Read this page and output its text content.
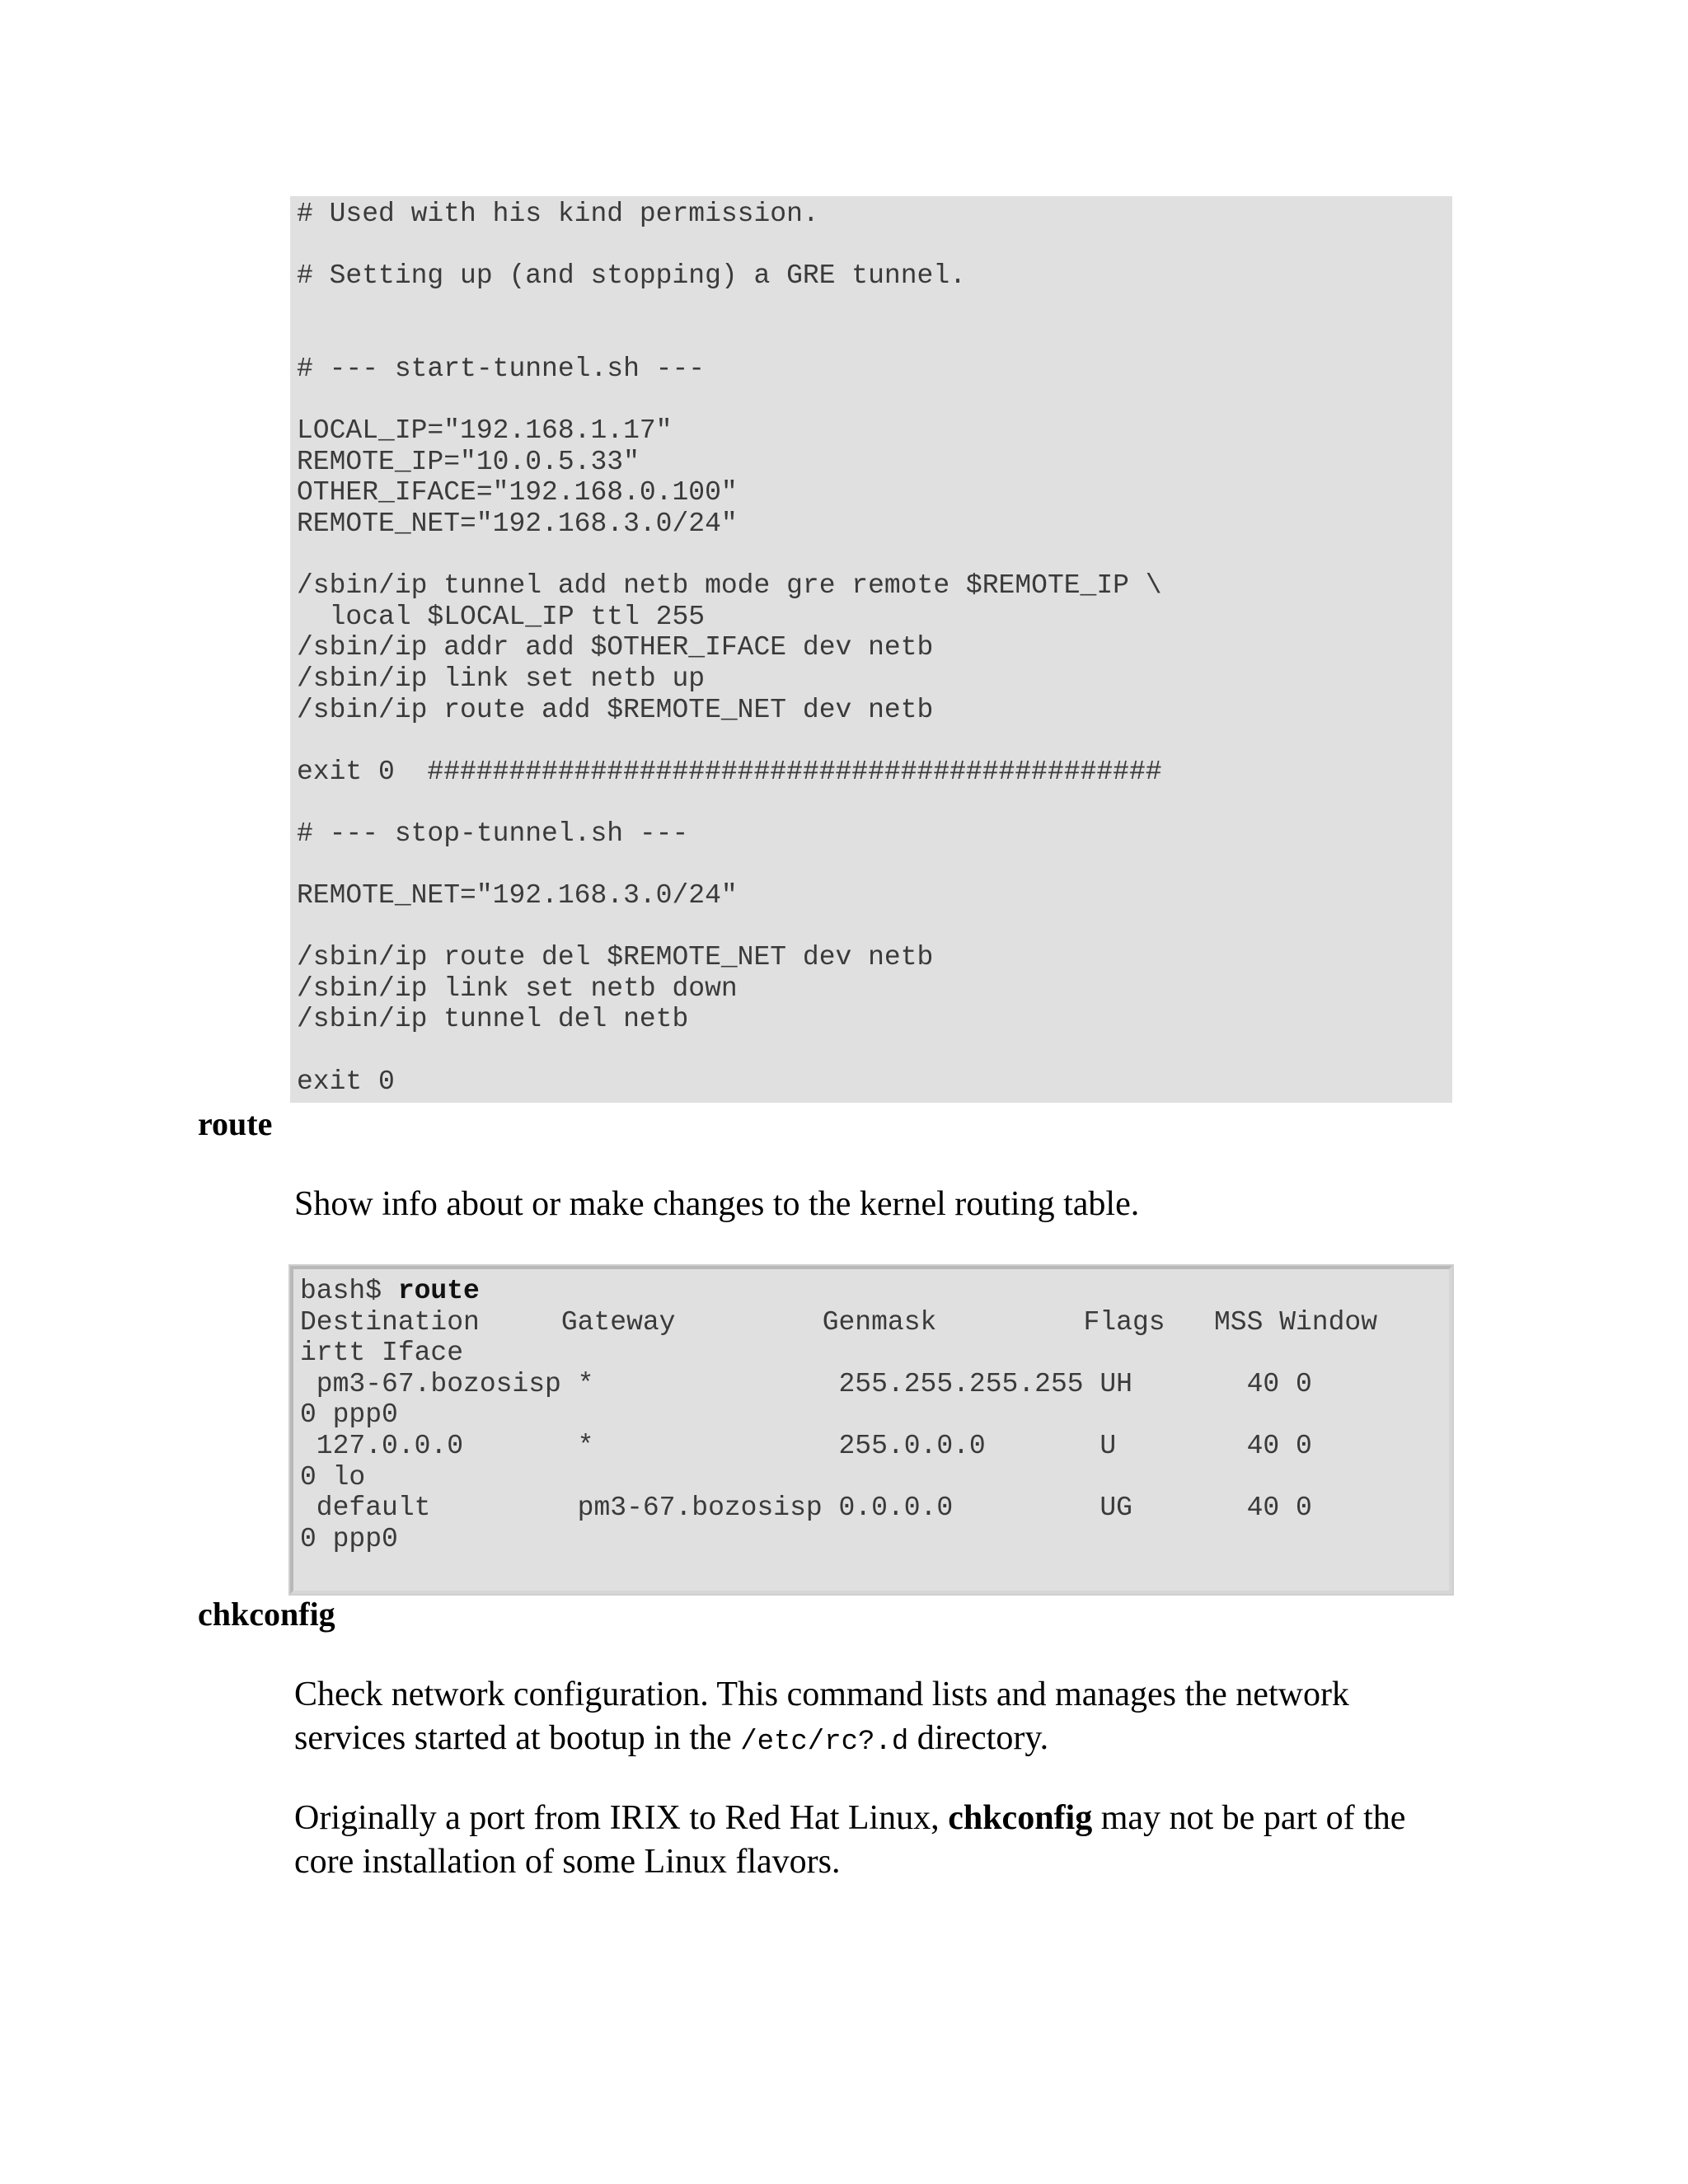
# Used with his kind permission.
# Setting up (and stopping) a GRE tunnel.
# --- start-tunnel.sh ---
LOCAL_IP="192.168.1.17"
REMOTE_IP="10.0.5.33"
OTHER_IFACE="192.168.0.100"
REMOTE_NET="192.168.3.0/24"
/sbin/ip tunnel add netb mode gre remote $REMOTE_IP \
local $LOCAL_IP ttl 255
/sbin/ip addr add $OTHER_IFACE dev netb
/sbin/ip link set netb up
/sbin/ip route add $REMOTE_NET dev netb
exit 0  #############################################
# --- stop-tunnel.sh ---
REMOTE_NET="192.168.3.0/24"
/sbin/ip route del $REMOTE_NET dev netb
/sbin/ip link set netb down
/sbin/ip tunnel del netb
exit 0
route

Show info about or make changes to the kernel routing table.

bash$ route
Destination     Gateway         Genmask         Flags   MSS Window
irtt Iface
pm3-67.bozosisp *               255.255.255.255 UH       40 0
0 ppp0
127.0.0.0       *               255.0.0.0       U        40 0
0 lo
default         pm3-67.bozosisp 0.0.0.0         UG       40 0
0 ppp0
chkconfig

Check network configuration. This command lists and manages the network services started at bootup in the /etc/rc?.d directory.

Originally a port from IRIX to Red Hat Linux, chkconfig may not be part of the core installation of some Linux flavors.
